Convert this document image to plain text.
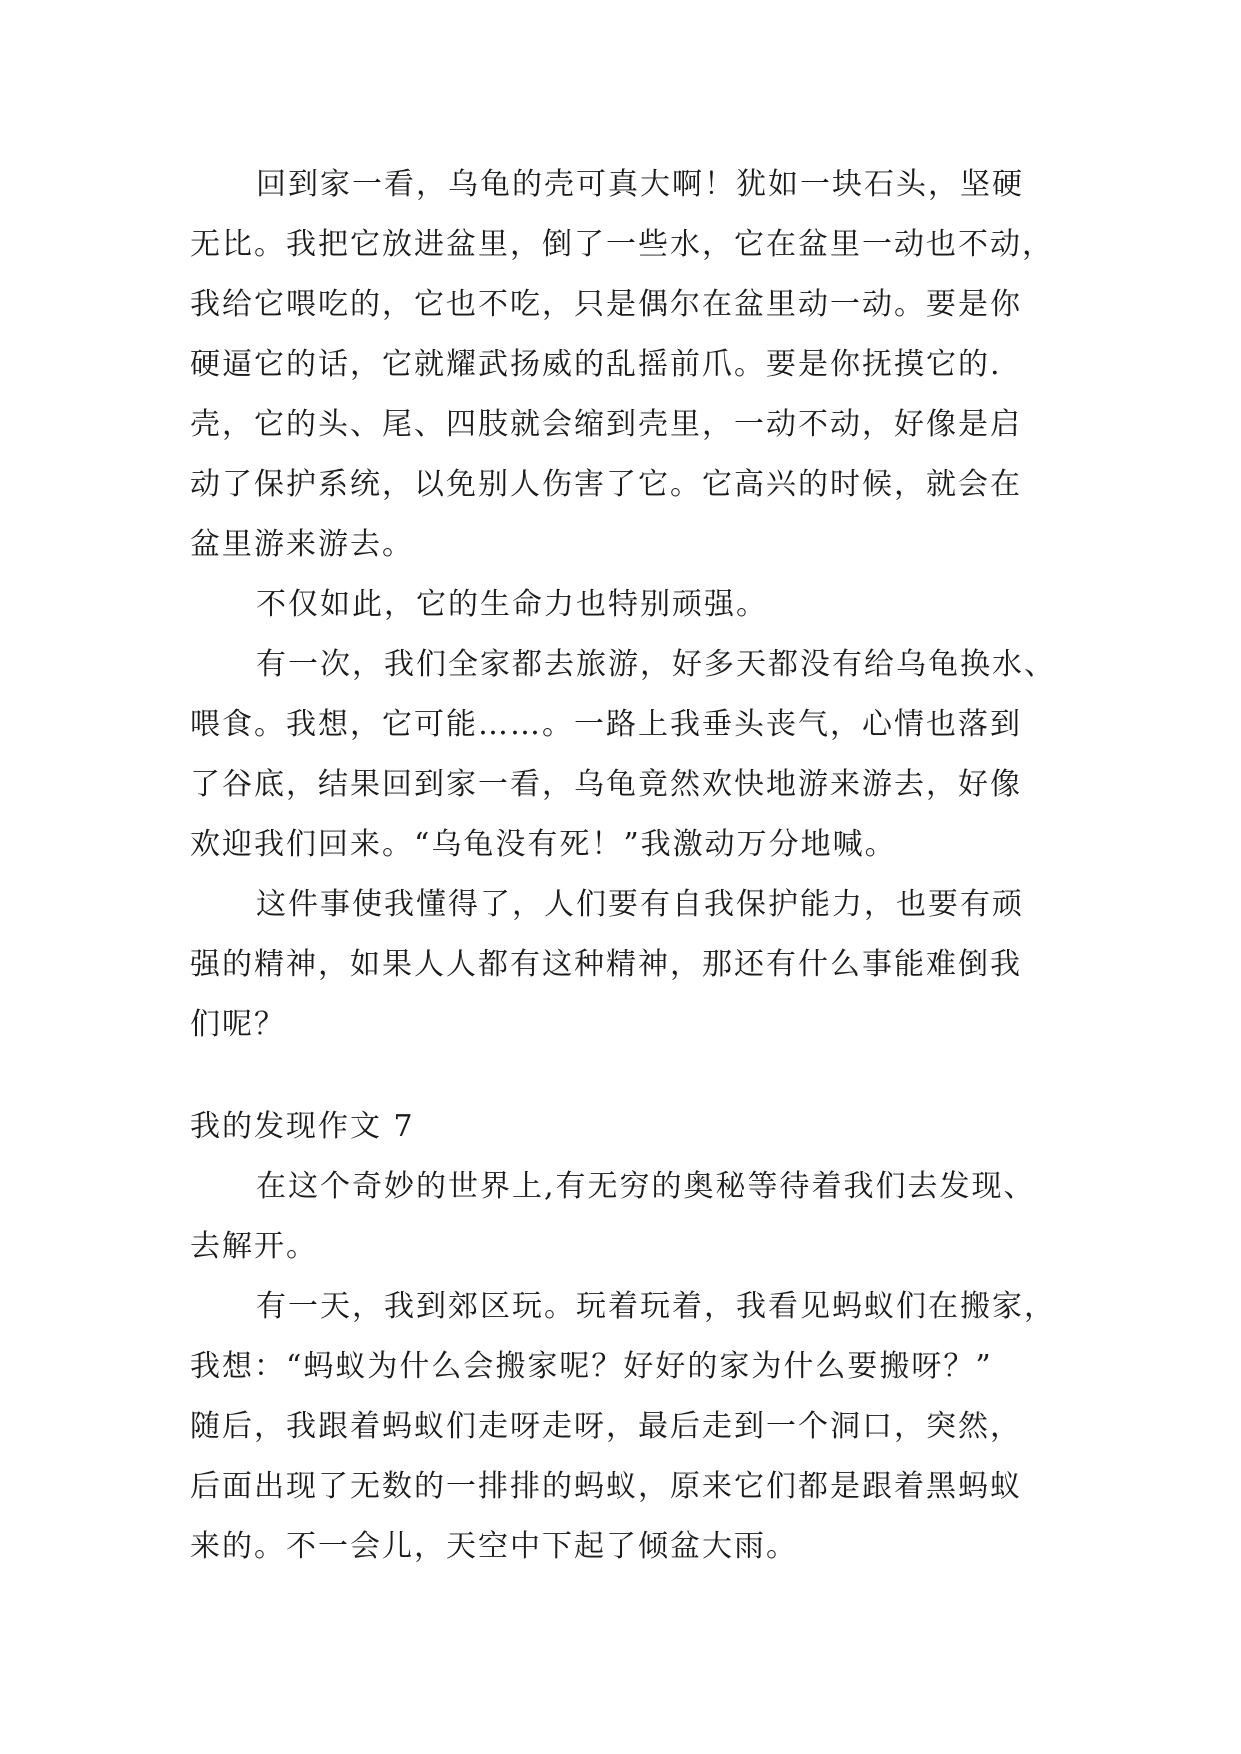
回到家一看，乌龟的壳可真大啊！犹如一块石头，坚硬
无比。我把它放进盆里，倒了一些水，它在盆里一动也不动，
我给它喂吃的，它也不吃，只是偶尔在盆里动一动。要是你
硬逼它的话，它就耀武扬威的乱摇前爪。要是你抚摸它的.
壳，它的头、尾、四肢就会缩到壳里，一动不动，好像是启
动了保护系统，以免别人伤害了它。它高兴的时候，就会在
盆里游来游去。
不仅如此，它的生命力也特别顽强。
有一次，我们全家都去旅游，好多天都没有给乌龟换水、
喂食。我想，它可能……。一路上我垂头丧气，心情也落到
了谷底，结果回到家一看，乌龟竟然欢快地游来游去，好像
欢迎我们回来。“乌龟没有死！”我激动万分地喊。
这件事使我懂得了，人们要有自我保护能力，也要有顽
强的精神，如果人人都有这种精神，那还有什么事能难倒我
们呢？
我的发现作文 7
在这个奇妙的世界上,有无穷的奥秘等待着我们去发现、
去解开。
有一天，我到郊区玩。玩着玩着，我看见蚂蚁们在搬家，
我想：“蚂蚁为什么会搬家呢？好好的家为什么要搬呀？”
随后，我跟着蚂蚁们走呀走呀，最后走到一个洞口，突然，
后面出现了无数的一排排的蚂蚁，原来它们都是跟着黑蚂蚁
来的。不一会儿，天空中下起了倾盆大雨。
